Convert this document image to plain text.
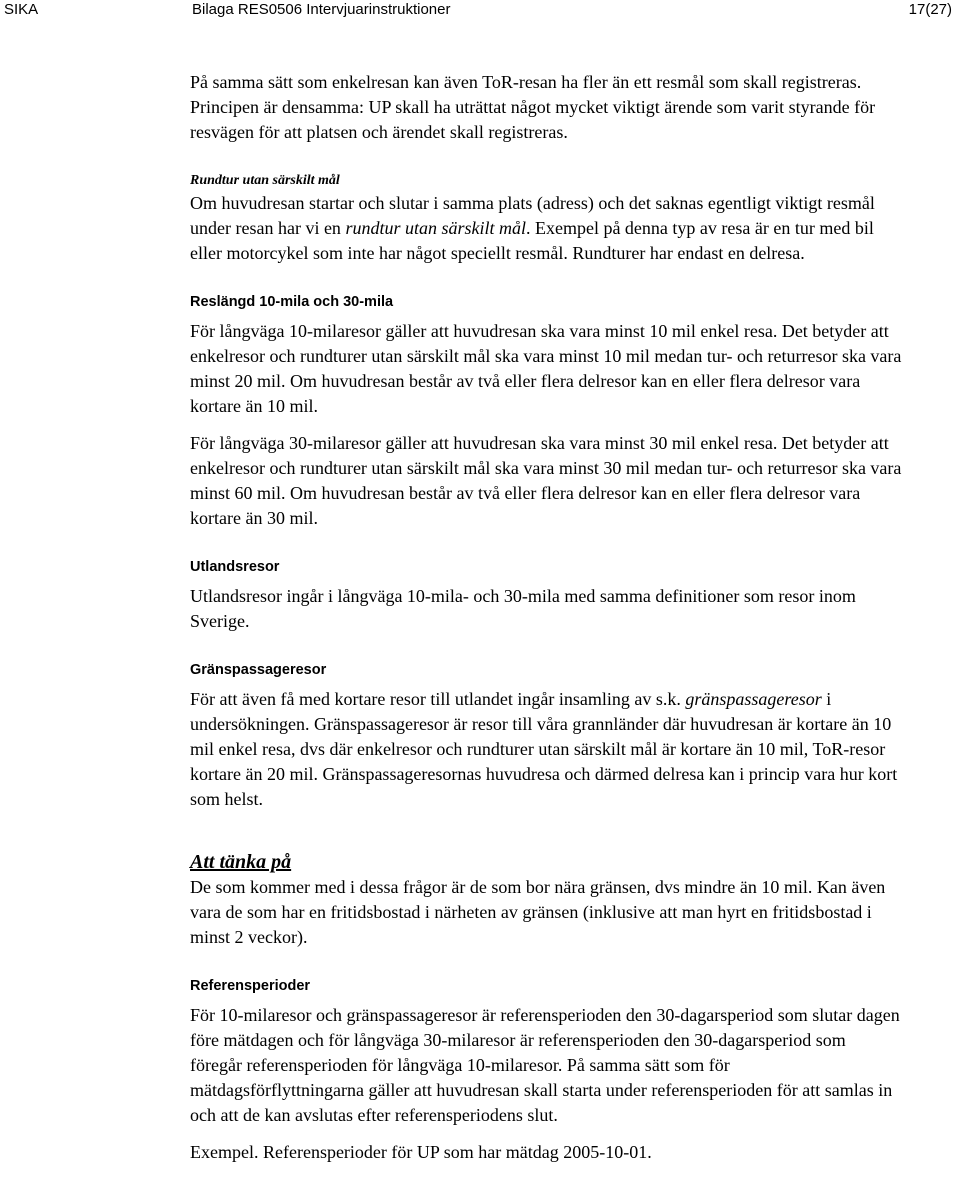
SIKA	Bilaga RES0506 Intervjuarinstruktioner	17(27)

På samma sätt som enkelresan kan även ToR-resan ha fler än ett resmål som skall registreras. Principen är densamma: UP skall ha uträttat något mycket viktigt ärende som varit styrande för resvägen för att platsen och ärendet skall registreras.

Rundtur utan särskilt mål

Om huvudresan startar och slutar i samma plats (adress) och det saknas egentligt viktigt resmål under resan har vi en rundtur utan särskilt mål. Exempel på denna typ av resa är en tur med bil eller motorcykel som inte har något speciellt resmål. Rundturer har endast en delresa.

Reslängd 10-mila och 30-mila

För långväga 10-milaresor gäller att huvudresan ska vara minst 10 mil enkel resa. Det betyder att enkelresor och rundturer utan särskilt mål ska vara minst 10 mil medan tur- och returresor ska vara minst 20 mil. Om huvudresan består av två eller flera delresor kan en eller flera delresor vara kortare än 10 mil.

För långväga 30-milaresor gäller att huvudresan ska vara minst 30 mil enkel resa. Det betyder att enkelresor och rundturer utan särskilt mål ska vara minst 30 mil medan tur- och returresor ska vara minst 60 mil. Om huvudresan består av två eller flera delresor kan en eller flera delresor vara kortare än 30 mil.

Utlandsresor

Utlandsresor ingår i långväga 10-mila- och 30-mila med samma definitioner som resor inom Sverige.

Gränspassageresor

För att även få med kortare resor till utlandet ingår insamling av s.k. gränspassageresor i undersökningen. Gränspassageresor är resor till våra grannländer där huvudresan är kortare än 10 mil enkel resa, dvs där enkelresor och rundturer utan särskilt mål är kortare än 10 mil, ToR-resor kortare än 20 mil. Gränspassageresornas huvudresa och därmed delresa kan i princip vara hur kort som helst.

Att tänka på

De som kommer med i dessa frågor är de som bor nära gränsen, dvs mindre än 10 mil. Kan även vara de som har en fritidsbostad i närheten av gränsen (inklusive att man hyrt en fritidsbostad i minst 2 veckor).

Referensperioder

För 10-milaresor och gränspassageresor är referensperioden den 30-dagarsperiod som slutar dagen före mätdagen och för långväga 30-milaresor är referensperioden den 30-dagarsperiod som föregår referensperioden för långväga 10-milaresor. På samma sätt som för mätdagsförflyttningarna gäller att huvudresan skall starta under referensperioden för att samlas in och att de kan avslutas efter referensperiodens slut.

Exempel. Referensperioder för UP som har mätdag 2005-10-01.
